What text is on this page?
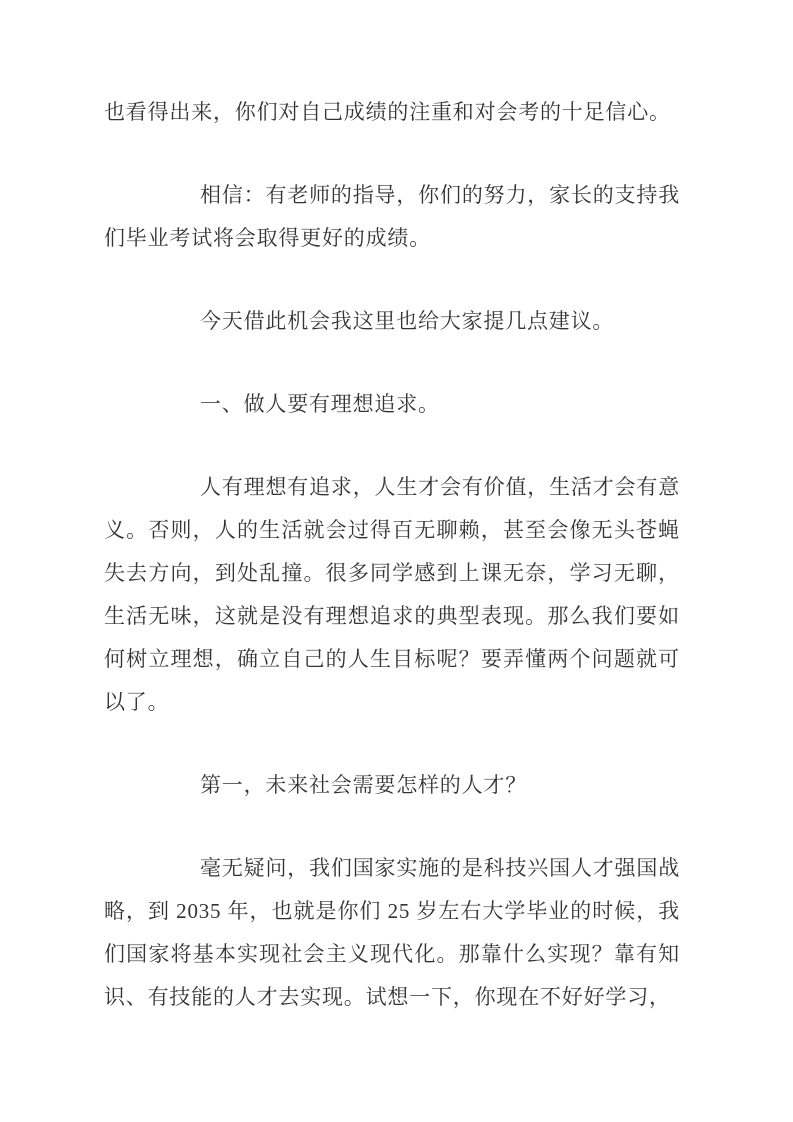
也看得出来，你们对自己成绩的注重和对会考的十足信心。

相信：有老师的指导，你们的努力，家长的支持我们毕业考试将会取得更好的成绩。

今天借此机会我这里也给大家提几点建议。

一、做人要有理想追求。

人有理想有追求，人生才会有价值，生活才会有意义。否则，人的生活就会过得百无聊赖，甚至会像无头苍蝇失去方向，到处乱撞。很多同学感到上课无奈，学习无聊，生活无味，这就是没有理想追求的典型表现。那么我们要如何树立理想，确立自己的人生目标呢？要弄懂两个问题就可以了。

第一，未来社会需要怎样的人才？

毫无疑问，我们国家实施的是科技兴国人才强国战略，到 2035 年，也就是你们 25 岁左右大学毕业的时候，我们国家将基本实现社会主义现代化。那靠什么实现？靠有知识、有技能的人才去实现。试想一下，你现在不好好学习，
